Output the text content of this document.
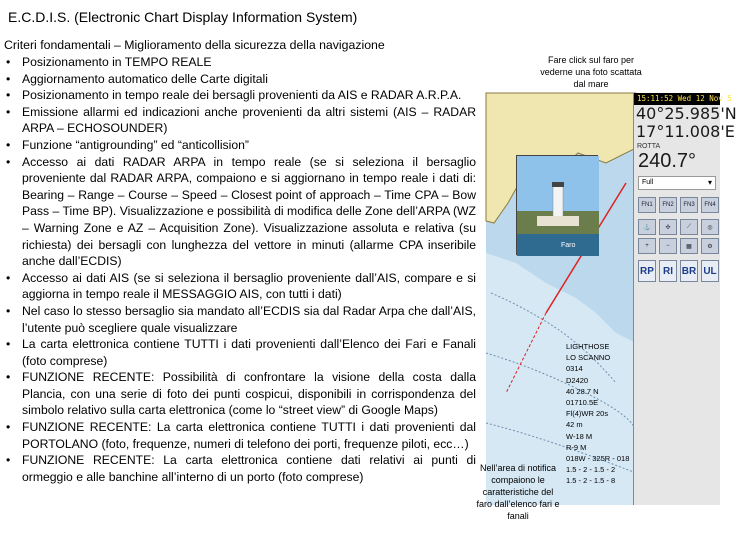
E.C.D.I.S. (Electronic Chart Display Information System)
Criteri fondamentali – Miglioramento della sicurezza della navigazione
• Posizionamento in TEMPO REALE
• Aggiornamento automatico delle Carte digitali
• Posizionamento in tempo reale dei bersagli provenienti da AIS e RADAR A.R.P.A.
• Emissione allarmi ed indicazioni anche provenienti da altri sistemi (AIS – RADAR ARPA – ECHOSOUNDER)
• Funzione “antigrounding” ed “anticollision”
• Accesso ai dati RADAR ARPA in tempo reale (se si seleziona il bersaglio proveniente dal RADAR ARPA, compaiono e si aggiornano in tempo reale i dati di: Bearing – Range – Course – Speed – Closest point of approach – Time CPA – Bow Pass – Time BP). Visualizzazione e possibilità di modifica delle Zone dell’ARPA (WZ – Warning Zone e AZ – Acquisition Zone). Visualizzazione assoluta e relativa (su richiesta) dei bersagli con lunghezza del vettore in minuti (allarme CPA inseribile anche dall’ECDIS)
• Accesso ai dati AIS (se si seleziona il bersaglio proveniente dall’AIS, compare e si aggiorna in tempo reale il MESSAGGIO AIS, con tutti i dati)
• Nel caso lo stesso bersaglio sia mandato all’ECDIS sia dal Radar Arpa che dall’AIS, l’utente può scegliere quale visualizzare
• La carta elettronica contiene TUTTI i dati provenienti dall’Elenco dei Fari e Fanali (foto comprese)
• FUNZIONE RECENTE: Possibilità di confrontare la visione della costa dalla Plancia, con una serie di foto dei punti cospicui, disponibili in corrispondenza del simbolo relativo sulla carta elettronica (come lo “street view” di Google Maps)
• FUNZIONE RECENTE: La carta elettronica contiene TUTTI i dati provenienti dal PORTOLANO (foto, frequenze, numeri di telefono dei porti, frequenze piloti, ecc…)
• FUNZIONE RECENTE: La carta elettronica contiene dati relativi ai punti di ormeggio e alle banchine all’interno di un porto (foto comprese)
Fare click sul faro per vederne una foto scattata dal mare
Faro
LIGHTHOSE
LO SCANNO
0314
D2420
40 28.7 N
01710.5E
Fl(4)WR 20s
42 m
W-18 M
R-9 M
018W - 325R - 018
1.5 - 2 - 1.5 - 2
1.5 - 2 - 1.5 - 8
15:11:52 Wed 12 Nov 5
40°25.985'N
17°11.008'E
ROTTA
240.7°
Full ▾
FN1	FN2	FN3	FN4
⚓	✣	⟋	◎
+	−	▦	⚙
RP RI BR UL
Nell’area di notifica compaiono le caratteristiche del faro dall’elenco fari e fanali
